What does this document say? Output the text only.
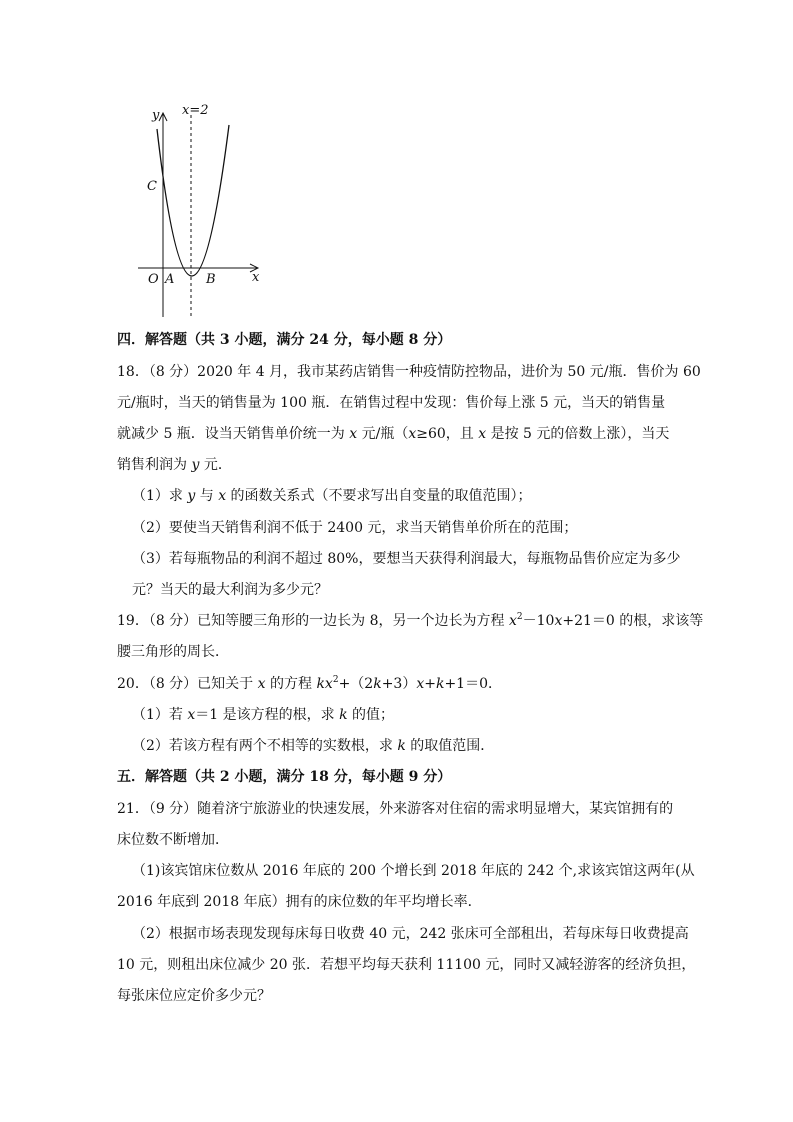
y
x
x=2
C
O A B
四．解答题（共 3 小题，满分 24 分，每小题 8 分）
18．（8 分）2020 年 4 月，我市某药店销售一种疫情防控物品，进价为 50 元/瓶．售价为 60
元/瓶时，当天的销售量为 100 瓶．在销售过程中发现：售价每上涨 5 元，当天的销售量
就减少 5 瓶．设当天销售单价统一为 x 元/瓶（x≥60，且 x 是按 5 元的倍数上涨），当天
销售利润为 y 元．
（1）求 y 与 x 的函数关系式（不要求写出自变量的取值范围）；
（2）要使当天销售利润不低于 2400 元，求当天销售单价所在的范围；
（3）若每瓶物品的利润不超过 80%，要想当天获得利润最大，每瓶物品售价应定为多少
元？当天的最大利润为多少元？
19．（8 分）已知等腰三角形的一边长为 8，另一个边长为方程 $x^2-10x+21=0$ 的根，求该等
腰三角形的周长．
20．（8 分）已知关于 x 的方程 $kx^2+(2k+3)x+k+1=0$．
（1）若 x＝1 是该方程的根，求 k 的值；
（2）若该方程有两个不相等的实数根，求 k 的取值范围．
五．解答题（共 2 小题，满分 18 分，每小题 9 分）
21．（9 分）随着济宁旅游业的快速发展，外来游客对住宿的需求明显增大，某宾馆拥有的
床位数不断增加．
（1)该宾馆床位数从 2016 年底的 200 个增长到 2018 年底的 242 个,求该宾馆这两年(从
2016 年底到 2018 年底）拥有的床位数的年平均增长率．
（2）根据市场表现发现每床每日收费 40 元，242 张床可全部租出，若每床每日收费提高
10 元，则租出床位减少 20 张．若想平均每天获利 11100 元，同时又减轻游客的经济负担，
每张床位应定价多少元？
